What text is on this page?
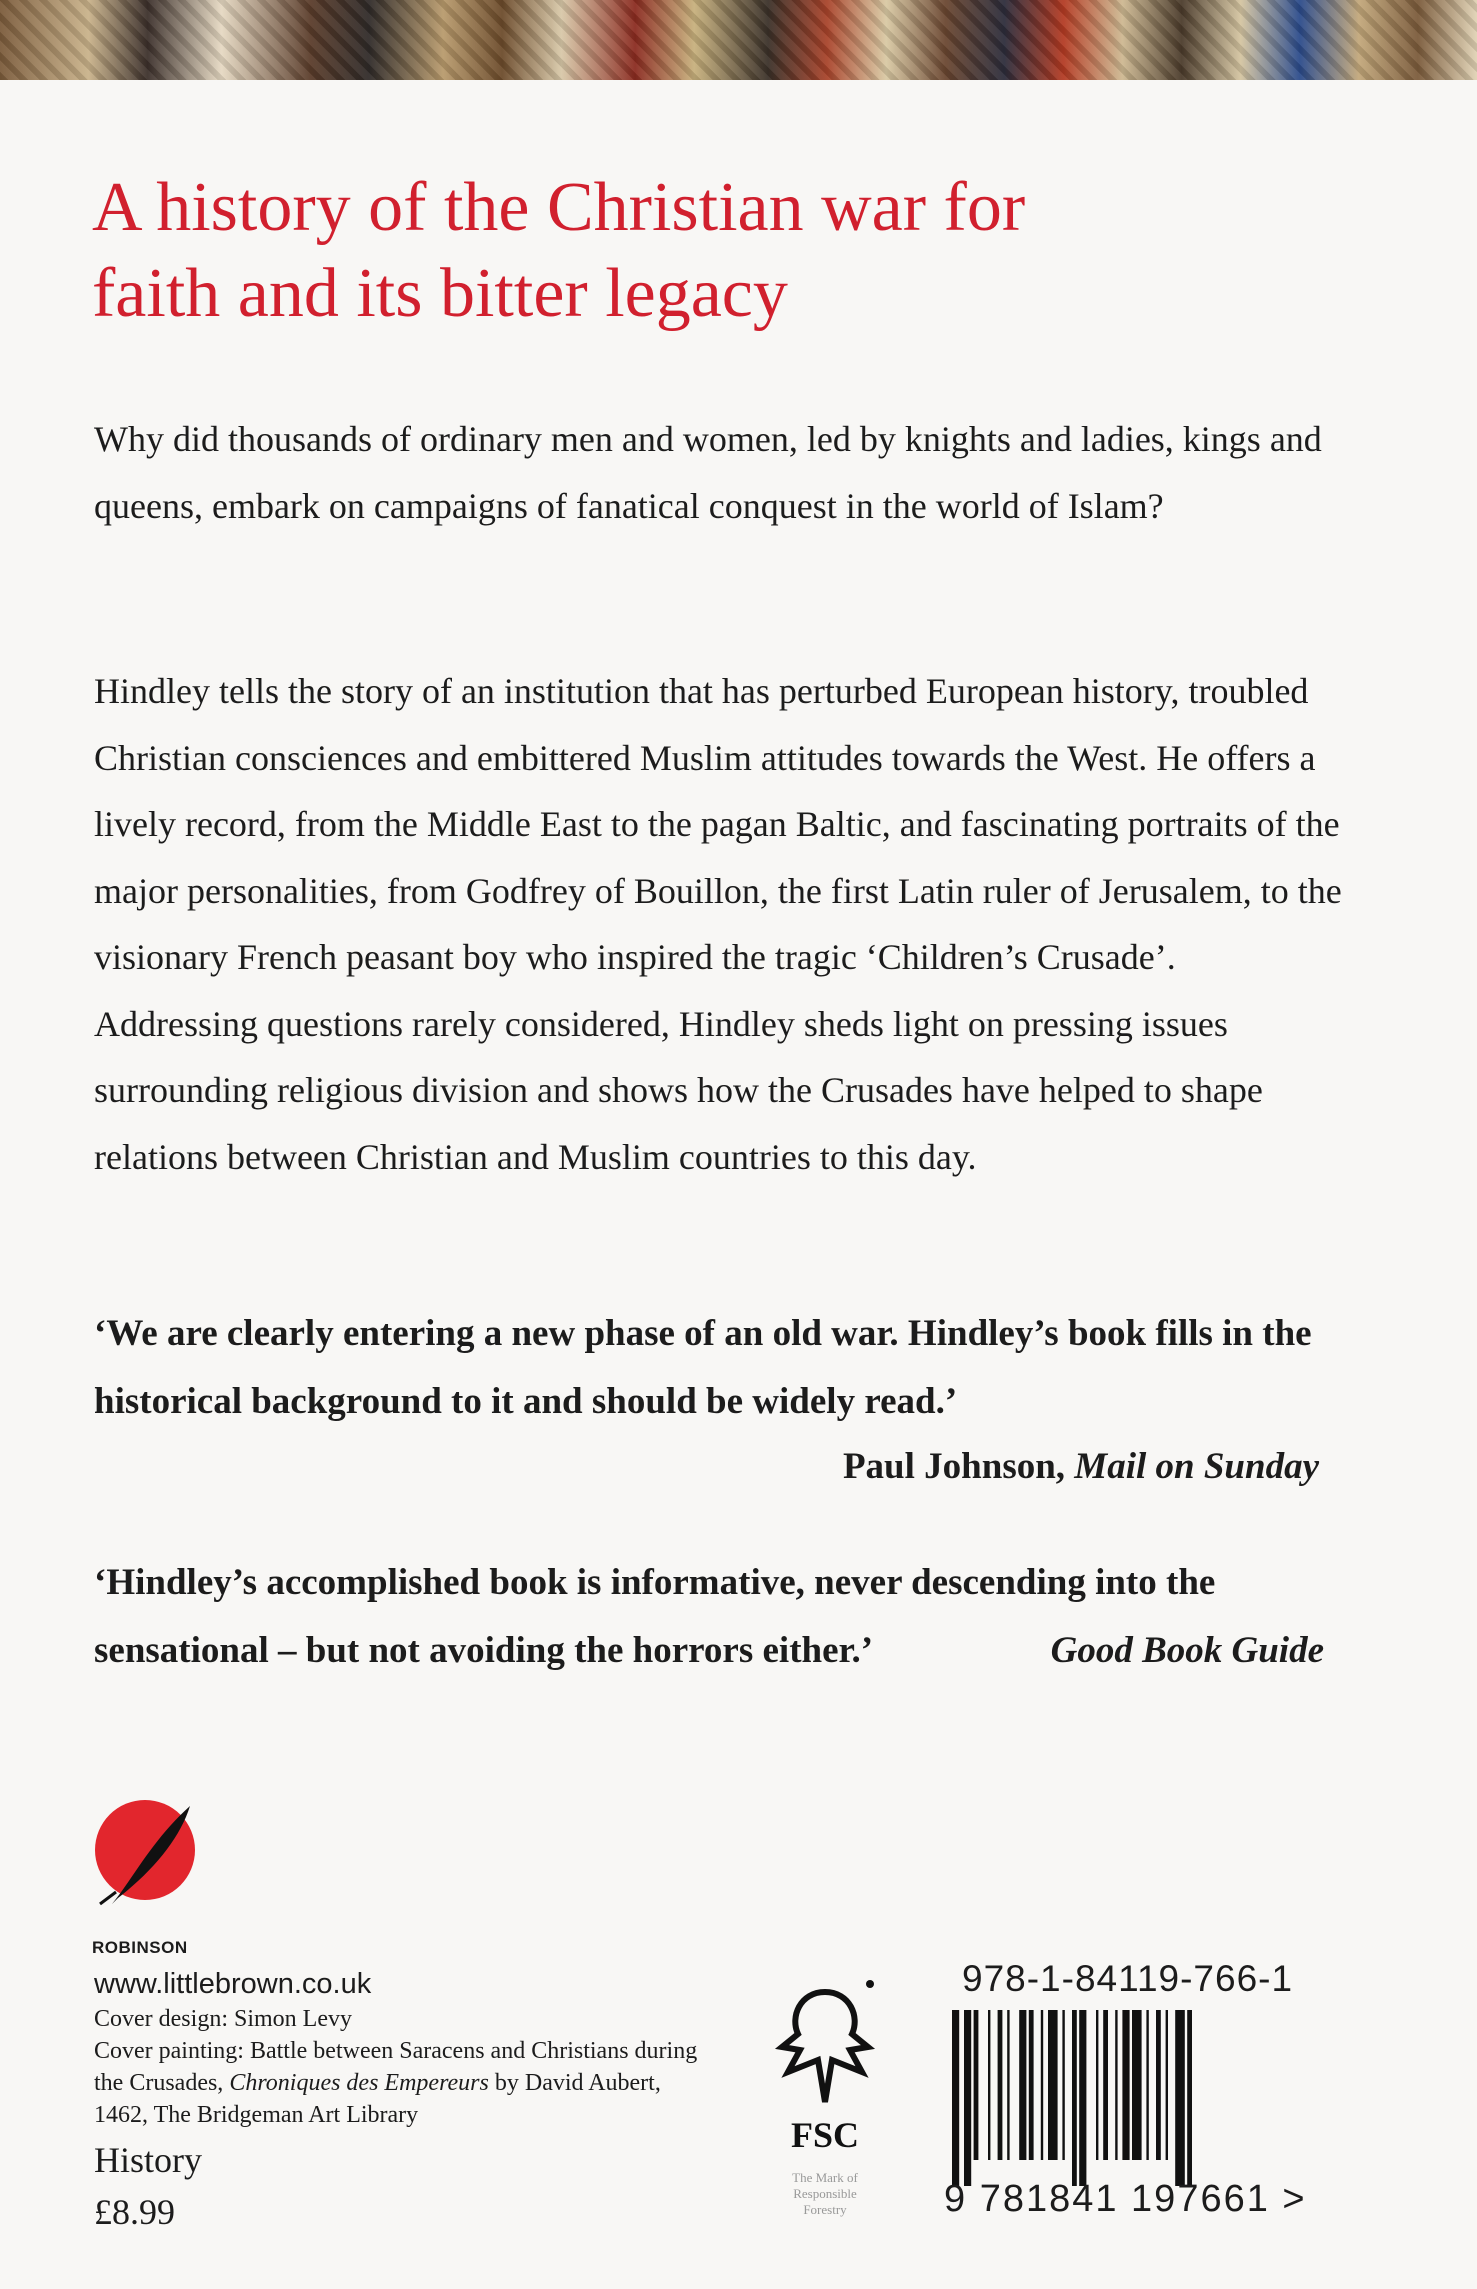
A history of the Christian war for
faith and its bitter legacy

Why did thousands of ordinary men and women, led by knights and ladies, kings and queens, embark on campaigns of fanatical conquest in the world of Islam?

Hindley tells the story of an institution that has perturbed European history, troubled Christian consciences and embittered Muslim attitudes towards the West. He offers a lively record, from the Middle East to the pagan Baltic, and fascinating portraits of the major personalities, from Godfrey of Bouillon, the first Latin ruler of Jerusalem, to the visionary French peasant boy who inspired the tragic ‘Children’s Crusade’. Addressing questions rarely considered, Hindley sheds light on pressing issues surrounding religious division and shows how the Crusades have helped to shape relations between Christian and Muslim countries to this day.

‘We are clearly entering a new phase of an old war. Hindley’s book fills in the historical background to it and should be widely read.’

Paul Johnson, Mail on Sunday

‘Hindley’s accomplished book is informative, never descending into the sensational – but not avoiding the horrors either.’	Good Book Guide

ROBINSON
www.littlebrown.co.uk
Cover design: Simon Levy
Cover painting: Battle between Saracens and Christians during the Crusades, Chroniques des Empereurs by David Aubert, 1462, The Bridgeman Art Library
History
£8.99
FSC
The Mark of
Responsible
Forestry
978-1-84119-766-1
9 781841 197661 >
